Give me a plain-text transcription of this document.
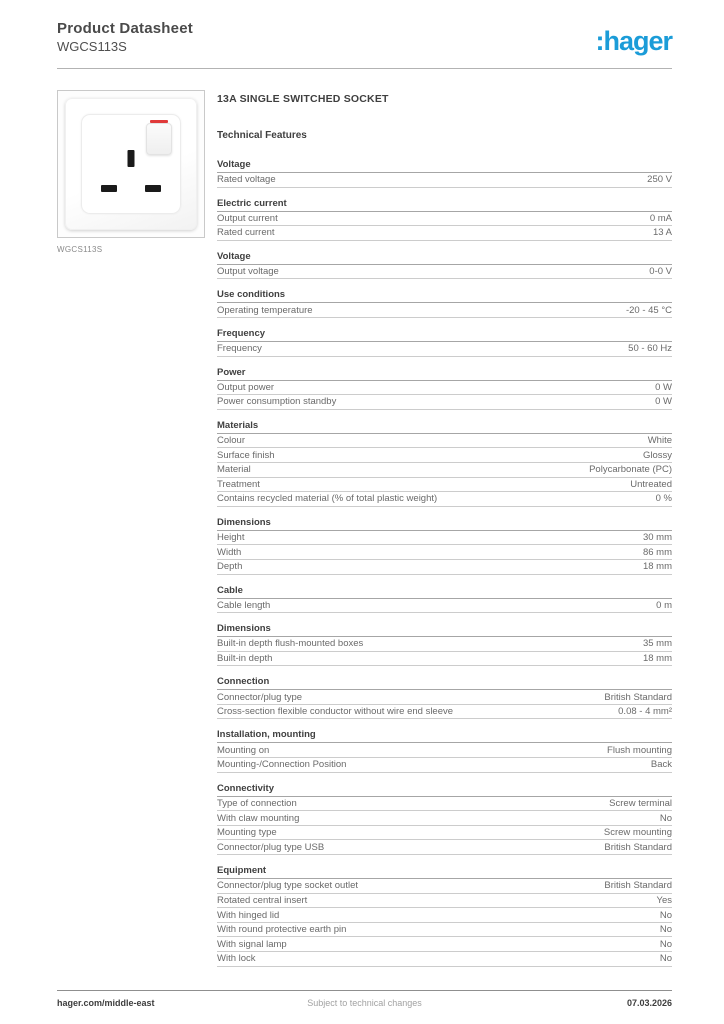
Product Datasheet
WGCS113S	:hager
WGCS113S
13A SINGLE SWITCHED SOCKET
Technical Features
Voltage
Rated voltage	250 V
Electric current
Output current	0 mA
Rated current	13 A
Voltage
Output voltage	0-0 V
Use conditions
Operating temperature	-20 - 45 °C
Frequency
Frequency	50 - 60 Hz
Power
Output power	0 W
Power consumption standby	0 W
Materials
Colour	White
Surface finish	Glossy
Material	Polycarbonate (PC)
Treatment	Untreated
Contains recycled material (% of total plastic weight)	0 %
Dimensions
Height	30 mm
Width	86 mm
Depth	18 mm
Cable
Cable length	0 m
Dimensions
Built-in depth flush-mounted boxes	35 mm
Built-in depth	18 mm
Connection
Connector/plug type	British Standard
Cross-section flexible conductor without wire end sleeve	0.08 - 4 mm²
Installation, mounting
Mounting on	Flush mounting
Mounting-/Connection Position	Back
Connectivity
Type of connection	Screw terminal
With claw mounting	No
Mounting type	Screw mounting
Connector/plug type USB	British Standard
Equipment
Connector/plug type socket outlet	British Standard
Rotated central insert	Yes
With hinged lid	No
With round protective earth pin	No
With signal lamp	No
With lock	No
hager.com/middle-east	Subject to technical changes	07.03.2026
